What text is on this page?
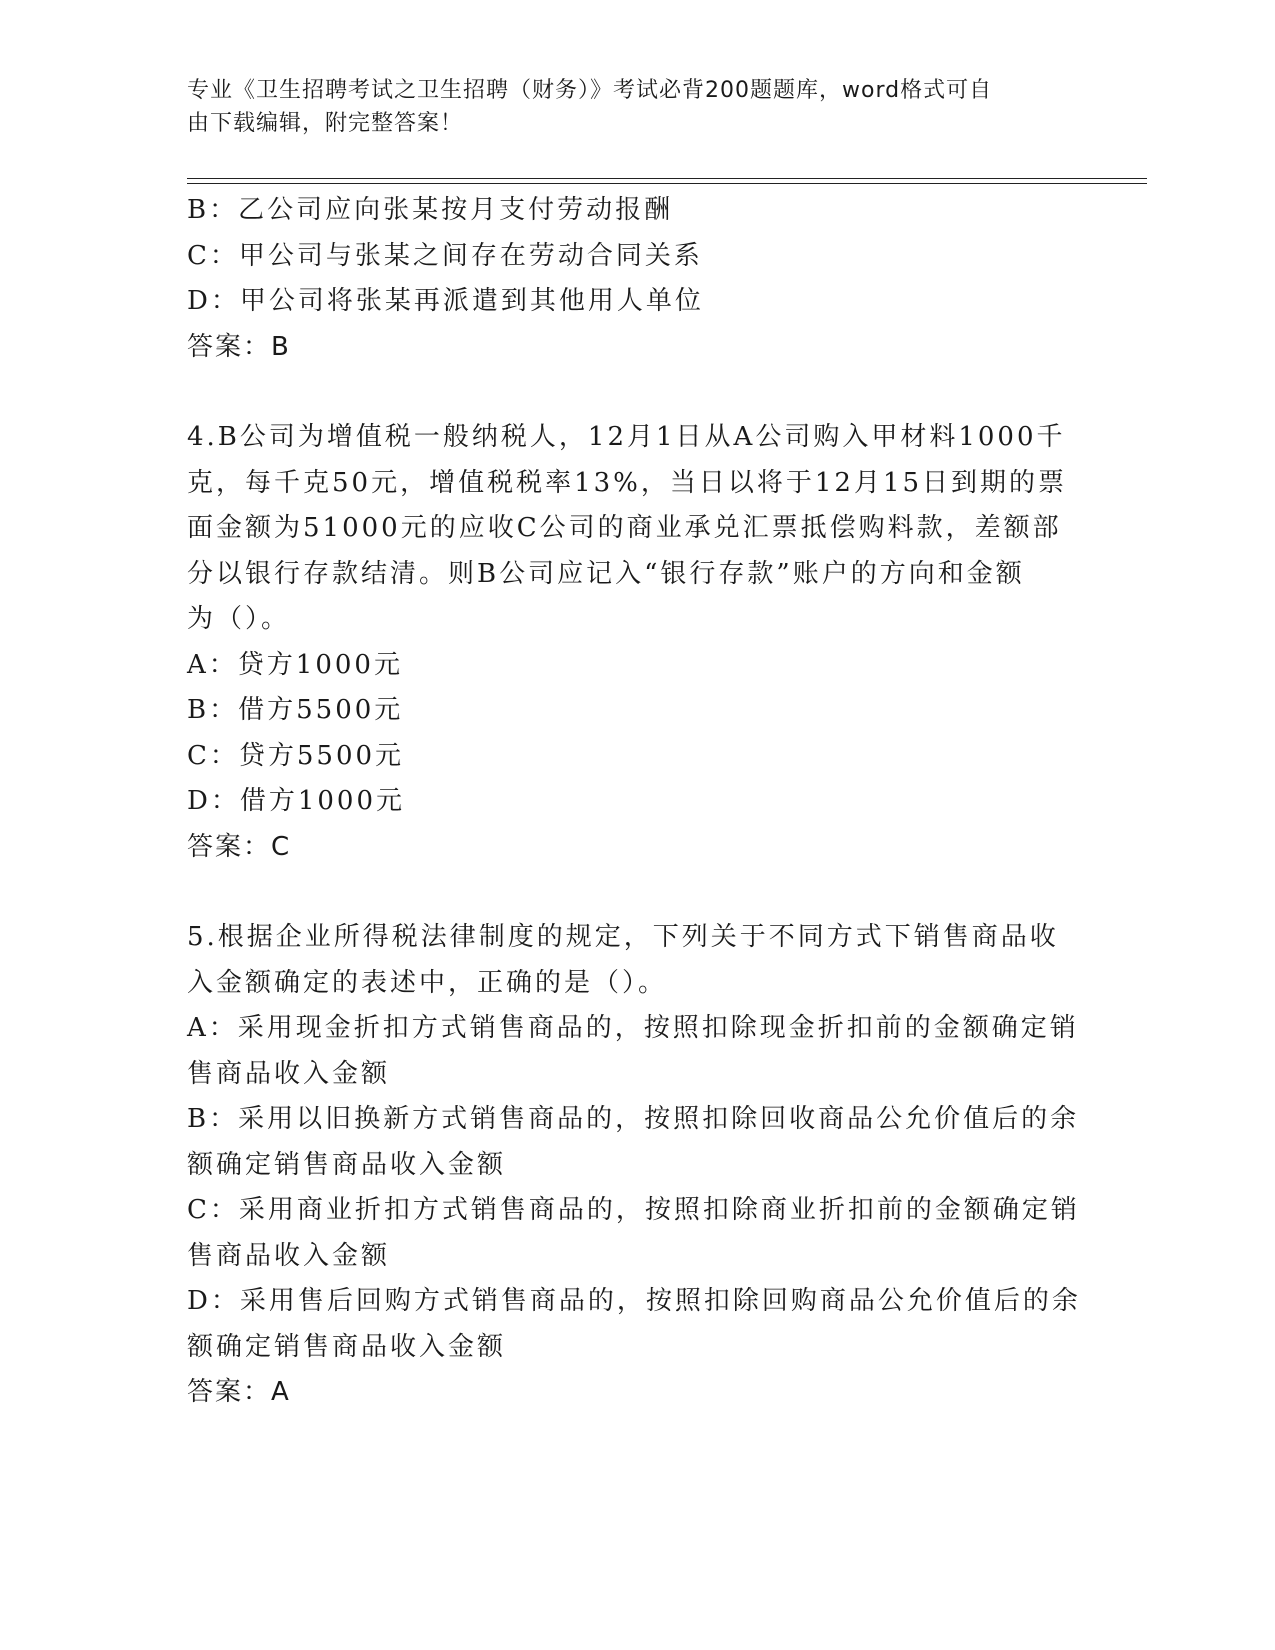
专业《卫生招聘考试之卫生招聘（财务）》考试必背200题题库，word格式可自
由下载编辑，附完整答案！
B：乙公司应向张某按月支付劳动报酬
C：甲公司与张某之间存在劳动合同关系
D：甲公司将张某再派遣到其他用人单位
答案：B
4.B公司为增值税一般纳税人，12月1日从A公司购入甲材料1000千
克，每千克50元，增值税税率13%，当日以将于12月15日到期的票
面金额为51000元的应收C公司的商业承兑汇票抵偿购料款，差额部
分以银行存款结清。则B公司应记入“银行存款”账户的方向和金额
为（）。
A：贷方1000元
B：借方5500元
C：贷方5500元
D：借方1000元
答案：C
5.根据企业所得税法律制度的规定，下列关于不同方式下销售商品收
入金额确定的表述中，正确的是（）。
A：采用现金折扣方式销售商品的，按照扣除现金折扣前的金额确定销
售商品收入金额
B：采用以旧换新方式销售商品的，按照扣除回收商品公允价值后的余
额确定销售商品收入金额
C：采用商业折扣方式销售商品的，按照扣除商业折扣前的金额确定销
售商品收入金额
D：采用售后回购方式销售商品的，按照扣除回购商品公允价值后的余
额确定销售商品收入金额
答案：A
